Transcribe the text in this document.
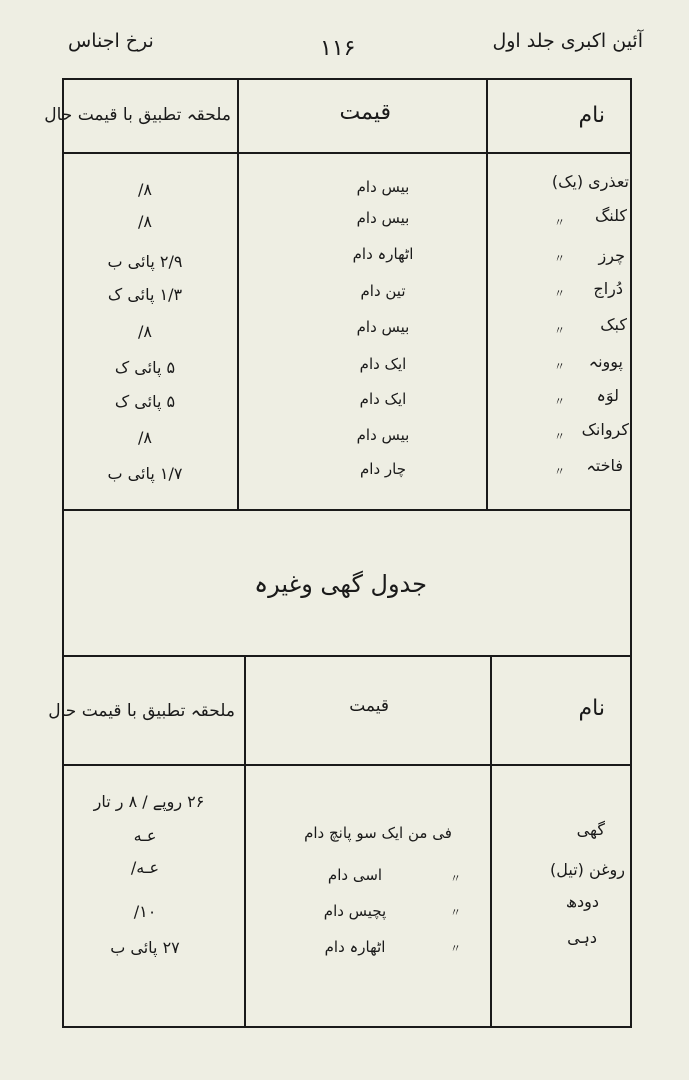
آئین اکبری جلد اول
۱۱۶
نرخ اجناس
نام
قیمت
ملحقہ تطبیق با قیمت حال
تعذری (یک)
بیس دام
۸/
کلنگ
〃
بیس دام
۸/
چرز
〃
اٹھارہ دام
۲/۹ پائی ب
دُراج
〃
تین دام
۱/۳ پائی ک
کبک
〃
بیس دام
۸/
پوونہ
〃
ایک دام
۵ پائی ک
لوَہ
〃
ایک دام
۵ پائی ک
کروانک
〃
بیس دام
۸/
فاختہ
〃
چار دام
۱/۷ پائی ب
جدول گھی وغیرہ
نام
قیمت
ملحقہ تطبیق با قیمت حال
گھی
فی من ایک سو پانچ دام
۲۶ روپے / ۸ ر تار
روغن (تیل)
〃
اسی دام
عـه
دودھ
〃
پچیس دام
عـه/
دہی
〃
اٹھارہ دام
۱۰/
۲۷ پائی ب
